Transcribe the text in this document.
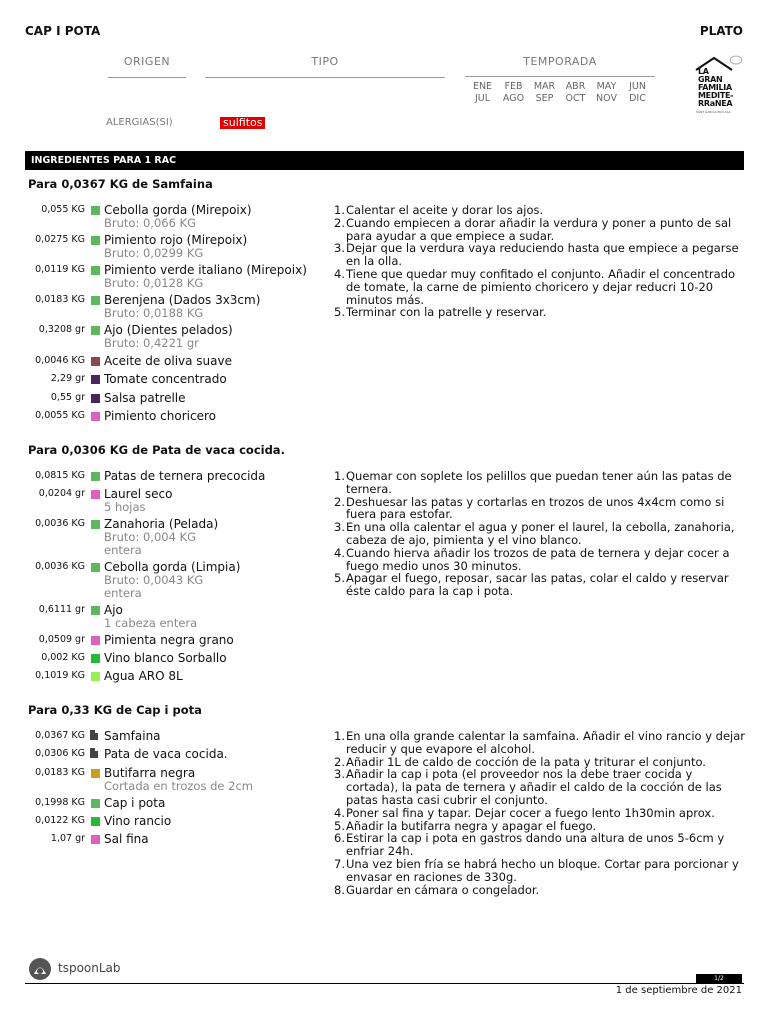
CAP I POTA	PLATO
ORIGEN	TIPO	TEMPORADA
ENE	FEB	MAR	ABR	MAY	JUN
JUL	AGO	SEP	OCT	NOV	DIC
LA
GRAN
FAMILIA
MEDITE-
RRaNEA
SANT GARCIA EN CASA
ALERGIAS(SI)	sulfitos
INGREDIENTES PARA 1 RAC
Para 0,0367 KG de Samfaina
0,055 KG Cebolla gorda (Mirepoix)
Bruto: 0,066 KG
0,0275 KG Pimiento rojo (Mirepoix)
Bruto: 0,0299 KG
0,0119 KG Pimiento verde italiano (Mirepoix)
Bruto: 0,0128 KG
0,0183 KG Berenjena (Dados 3x3cm)
Bruto: 0,0188 KG
0,3208 gr Ajo (Dientes pelados)
Bruto: 0,4221 gr
0,0046 KG Aceite de oliva suave
2,29 gr Tomate concentrado
0,55 gr Salsa patrelle
0,0055 KG Pimiento choricero
1. Calentar el aceite y dorar los ajos.
2. Cuando empiecen a dorar añadir la verdura y poner a punto de sal para ayudar a que empiece a sudar.
3. Dejar que la verdura vaya reduciendo hasta que empiece a pegarse en la olla.
4. Tiene que quedar muy confitado el conjunto. Añadir el concentrado de tomate, la carne de pimiento choricero y dejar reducri 10-20 minutos más.
5. Terminar con la patrelle y reservar.
Para 0,0306 KG de Pata de vaca cocida.
0,0815 KG Patas de ternera precocida
0,0204 gr Laurel seco
5 hojas
0,0036 KG Zanahoria (Pelada)
Bruto: 0,004 KG
entera
0,0036 KG Cebolla gorda (Limpia)
Bruto: 0,0043 KG
entera
0,6111 gr Ajo
1 cabeza entera
0,0509 gr Pimienta negra grano
0,002 KG Vino blanco Sorballo
0,1019 KG Agua ARO 8L
1. Quemar con soplete los pelillos que puedan tener aún las patas de ternera.
2. Deshuesar las patas y cortarlas en trozos de unos 4x4cm como si fuera para estofar.
3. En una olla calentar el agua y poner el laurel, la cebolla, zanahoria, cabeza de ajo, pimienta y el vino blanco.
4. Cuando hierva añadir los trozos de pata de ternera y dejar cocer a fuego medio unos 30 minutos.
5. Apagar el fuego, reposar, sacar las patas, colar el caldo y reservar éste caldo para la cap i pota.
Para 0,33 KG de Cap i pota
0,0367 KG Samfaina
0,0306 KG Pata de vaca cocida.
0,0183 KG Butifarra negra
Cortada en trozos de 2cm
0,1998 KG Cap i pota
0,0122 KG Vino rancio
1,07 gr Sal fina
1. En una olla grande calentar la samfaina. Añadir el vino rancio y dejar reducir y que evapore el alcohol.
2. Añadir 1L de caldo de cocción de la pata y triturar el conjunto.
3. Añadir la cap i pota (el proveedor nos la debe traer cocida y cortada), la pata de ternera y añadir el caldo de la cocción de las patas hasta casi cubrir el conjunto.
4. Poner sal fina y tapar. Dejar cocer a fuego lento 1h30min aprox.
5. Añadir la butifarra negra y apagar el fuego.
6. Estirar la cap i pota en gastros dando una altura de unos 5-6cm y enfriar 24h.
7. Una vez bien fría se habrá hecho un bloque. Cortar para porcionar y envasar en raciones de 330g.
8. Guardar en cámara o congelador.
tspoonLab
1/2
1 de septiembre de 2021
